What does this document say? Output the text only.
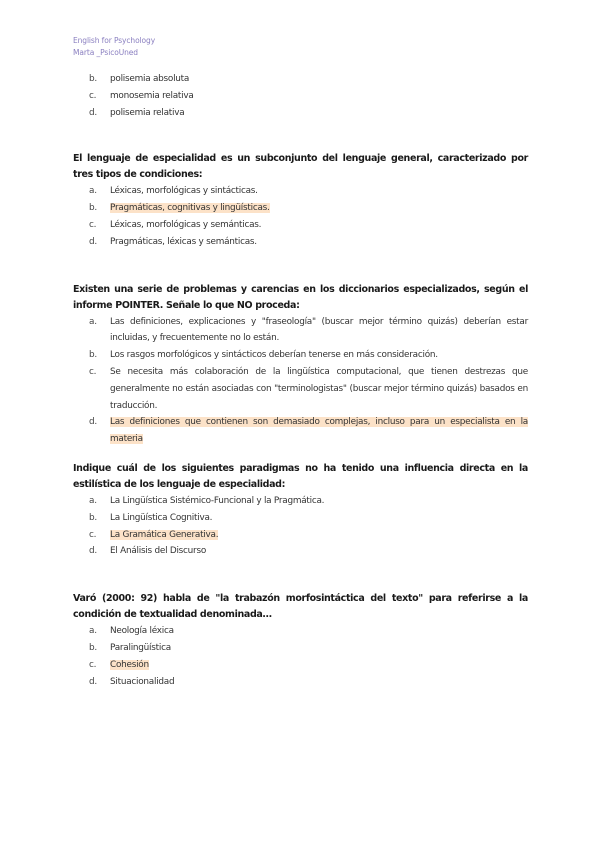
English for Psychology
Marta _PsicoUned
b. polisemia absoluta
c. monosemia relativa
d. polisemia relativa

El lenguaje de especialidad es un subconjunto del lenguaje general, caracterizado por tres tipos de condiciones:

a. Léxicas, morfológicas y sintácticas.
b. Pragmáticas, cognitivas y lingüísticas.
c. Léxicas, morfológicas y semánticas.
d. Pragmáticas, léxicas y semánticas.

Existen una serie de problemas y carencias en los diccionarios especializados, según el informe POINTER. Señale lo que NO proceda:

a. Las definiciones, explicaciones y "fraseología" (buscar mejor término quizás) deberían estar incluidas, y frecuentemente no lo están.
b. Los rasgos morfológicos y sintácticos deberían tenerse en más consideración.
c. Se necesita más colaboración de la lingüística computacional, que tienen destrezas que generalmente no están asociadas con "terminologistas" (buscar mejor término quizás) basados en traducción.
d. Las definiciones que contienen son demasiado complejas, incluso para un especialista en la materia

Indique cuál de los siguientes paradigmas no ha tenido una influencia directa en la estilística de los lenguaje de especialidad:

a. La Lingüística Sistémico-Funcional y la Pragmática.
b. La Lingüística Cognitiva.
c. La Gramática Generativa.
d. El Análisis del Discurso

Varó (2000: 92) habla de "la trabazón morfosintáctica del texto" para referirse a la condición de textualidad denominada…

a. Neología léxica
b. Paralingüística
c. Cohesión
d. Situacionalidad
